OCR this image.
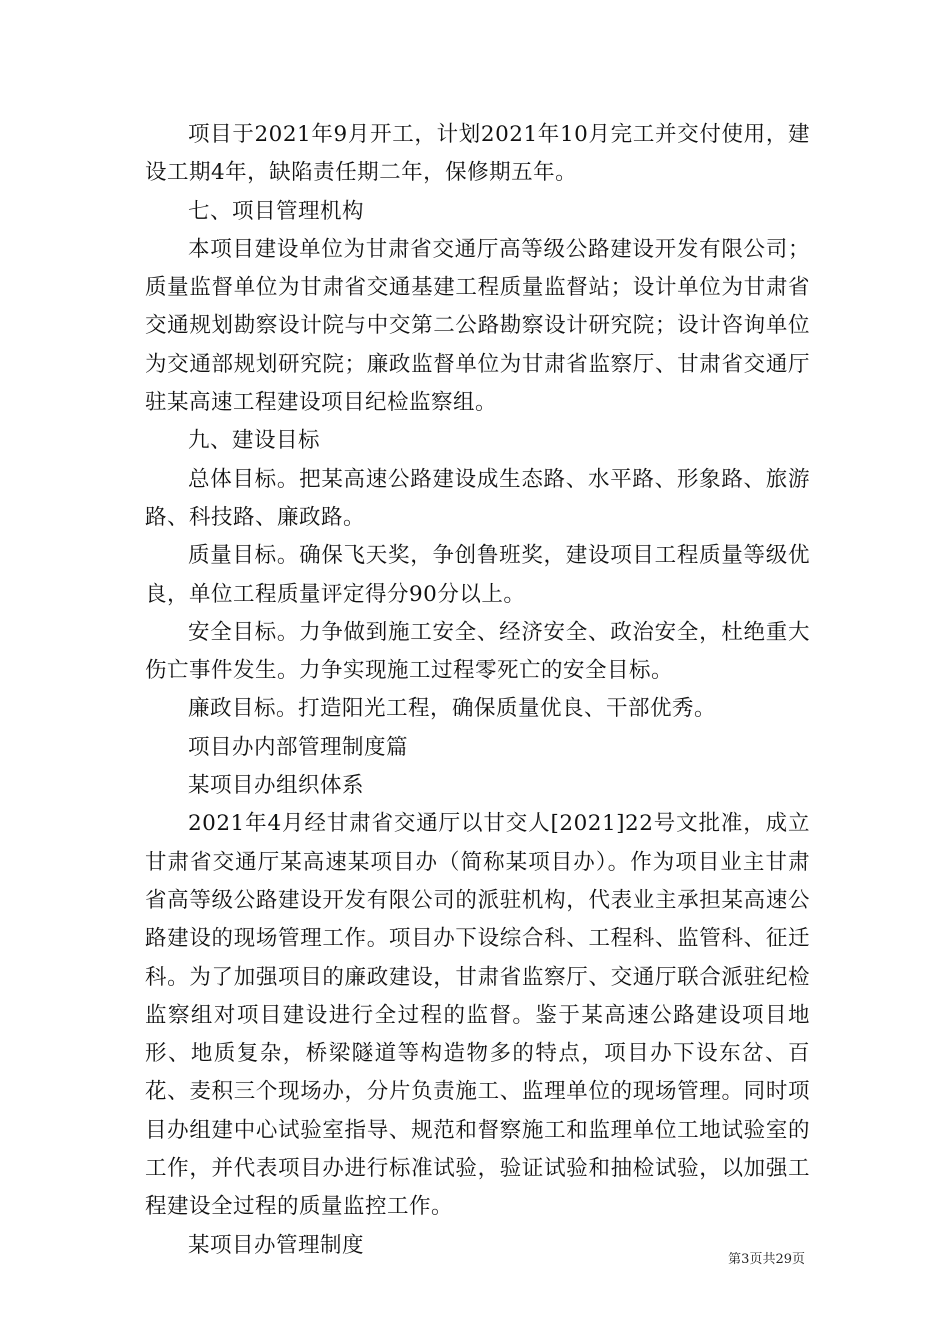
项目于2021年9月开工，计划2021年10月完工并交付使用，建设工期4年，缺陷责任期二年，保修期五年。

七、项目管理机构

本项目建设单位为甘肃省交通厅高等级公路建设开发有限公司；质量监督单位为甘肃省交通基建工程质量监督站；设计单位为甘肃省交通规划勘察设计院与中交第二公路勘察设计研究院；设计咨询单位为交通部规划研究院；廉政监督单位为甘肃省监察厅、甘肃省交通厅驻某高速工程建设项目纪检监察组。

九、建设目标

总体目标。把某高速公路建设成生态路、水平路、形象路、旅游路、科技路、廉政路。

质量目标。确保飞天奖，争创鲁班奖，建设项目工程质量等级优良，单位工程质量评定得分90分以上。

安全目标。力争做到施工安全、经济安全、政治安全，杜绝重大伤亡事件发生。力争实现施工过程零死亡的安全目标。

廉政目标。打造阳光工程，确保质量优良、干部优秀。

项目办内部管理制度篇

某项目办组织体系

2021年4月经甘肃省交通厅以甘交人[2021]22号文批准，成立甘肃省交通厅某高速某项目办（简称某项目办）。作为项目业主甘肃省高等级公路建设开发有限公司的派驻机构，代表业主承担某高速公路建设的现场管理工作。项目办下设综合科、工程科、监管科、征迁科。为了加强项目的廉政建设，甘肃省监察厅、交通厅联合派驻纪检监察组对项目建设进行全过程的监督。鉴于某高速公路建设项目地形、地质复杂，桥梁隧道等构造物多的特点，项目办下设东岔、百花、麦积三个现场办，分片负责施工、监理单位的现场管理。同时项目办组建中心试验室指导、规范和督察施工和监理单位工地试验室的工作，并代表项目办进行标准试验，验证试验和抽检试验，以加强工程建设全过程的质量监控工作。

某项目办管理制度

第3页共29页
